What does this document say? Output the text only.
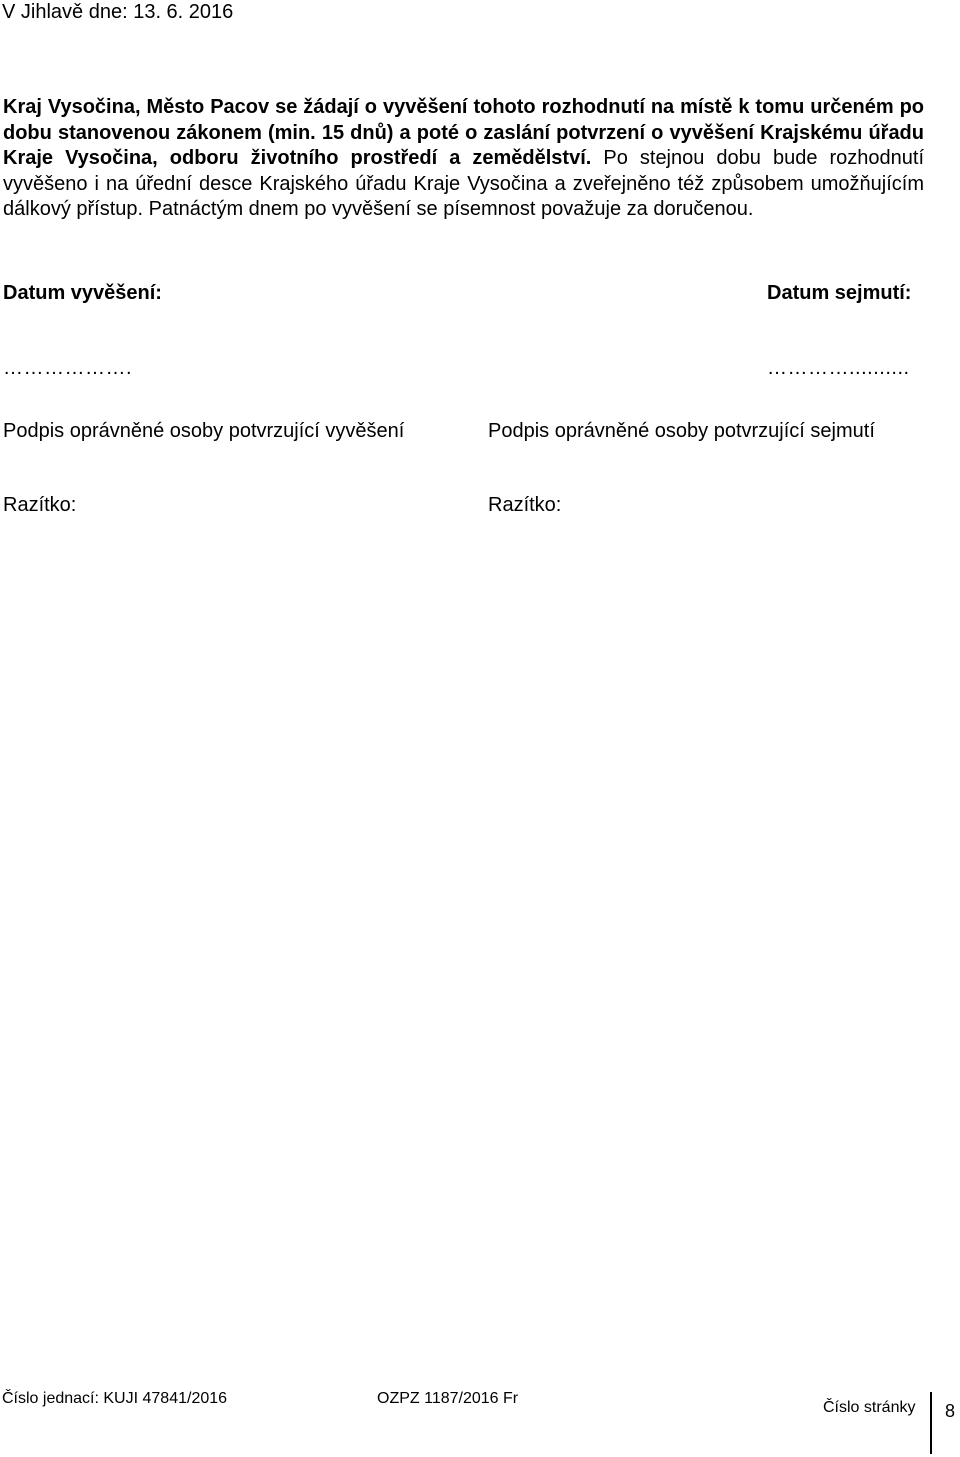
V Jihlavě dne: 13. 6. 2016
Kraj Vysočina, Město Pacov se žádají o vyvěšení tohoto rozhodnutí na místě k tomu určeném po dobu stanovenou zákonem (min. 15 dnů) a poté o zaslání potvrzení o vyvěšení Krajskému úřadu Kraje Vysočina, odboru životního prostředí a zemědělství. Po stejnou dobu bude rozhodnutí vyvěšeno i na úřední desce Krajského úřadu Kraje Vysočina a zveřejněno též způsobem umožňujícím dálkový přístup. Patnáctým dnem po vyvěšení se písemnost považuje za doručenou.
Datum vyvěšení:	Datum sejmutí:
……………….	…………..........
Podpis oprávněné osoby potvrzující vyvěšení	Podpis oprávněné osoby potvrzující sejmutí
Razítko:	Razítko:
Číslo jednací: KUJI 47841/2016	OZPZ 1187/2016 Fr
Číslo stránky 8
